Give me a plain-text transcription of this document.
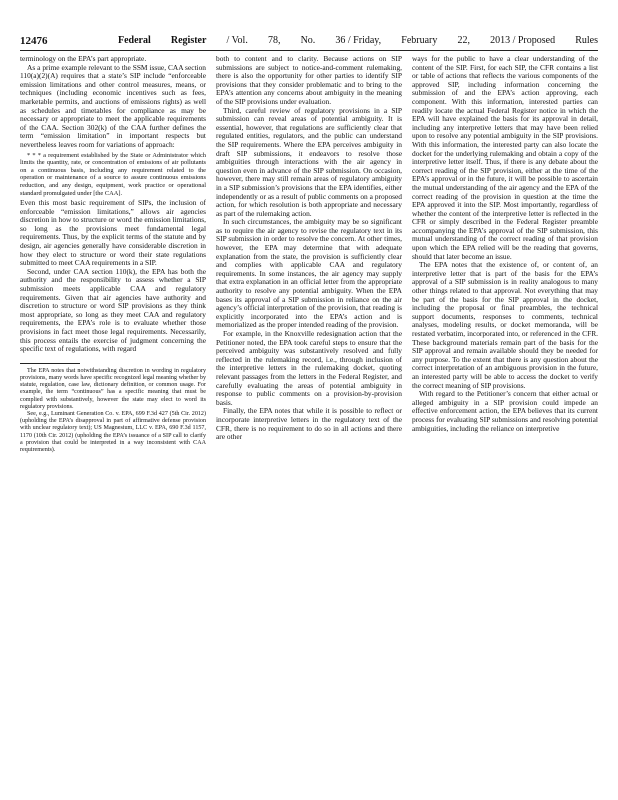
12476	Federal Register / Vol. 78, No. 36 / Friday, February 22, 2013 / Proposed Rules

terminology on the EPA’s part appropriate.

As a prime example relevant to the SSM issue, CAA section 110(a)(2)(A) requires that a state’s SIP include “enforceable emission limitations and other control measures, means, or techniques (including economic incentives such as fees, marketable permits, and auctions of emissions rights) as well as schedules and timetables for compliance as may be necessary or appropriate to meet the applicable requirements of the CAA. Section 302(k) of the CAA further defines the term “emission limitation” in important respects but nevertheless leaves room for variations of approach:

* * * a requirement established by the State or Administrator which limits the quantity, rate, or concentration of emissions of air pollutants on a continuous basis, including any requirement related to the operation or maintenance of a source to assure continuous emissions reduction, and any design, equipment, work practice or operational standard promulgated under [the CAA].

Even this most basic requirement of SIPs, the inclusion of enforceable “emission limitations,” allows air agencies discretion in how to structure or word the emission limitations, so long as the provisions meet fundamental legal requirements. Thus, by the explicit terms of the statute and by design, air agencies generally have considerable discretion in how they elect to structure or word their state regulations submitted to meet CAA requirements in a SIP.

Second, under CAA section 110(k), the EPA has both the authority and the responsibility to assess whether a SIP submission meets applicable CAA and regulatory requirements. Given that air agencies have authority and discretion to structure or word SIP provisions as they think most appropriate, so long as they meet CAA and regulatory requirements, the EPA’s role is to evaluate whether those provisions in fact meet those legal requirements. Necessarily, this process entails the exercise of judgment concerning the specific text of regulations, with regard

The EPA notes that notwithstanding discretion in wording in regulatory provisions, many words have specific recognized legal meaning whether by statute, regulation, case law, dictionary definition, or common usage. For example, the term “continuous” has a specific meaning that must be complied with substantively, however the state may elect to word its regulatory provisions.

See, e.g., Luminant Generation Co. v. EPA, 699 F.3d 427 (5th Cir. 2012) (upholding the EPA’s disapproval in part of affirmative defense provision with unclear regulatory text); US Magnesium, LLC v. EPA, 690 F.3d 1157, 1170 (10th Cir. 2012) (upholding the EPA’s issuance of a SIP call to clarify a provision that could be interpreted in a way inconsistent with CAA requirements).

both to content and to clarity. Because actions on SIP submissions are subject to notice-and-comment rulemaking, there is also the opportunity for other parties to identify SIP provisions that they consider problematic and to bring to the EPA’s attention any concerns about ambiguity in the meaning of the SIP provisions under evaluation.

Third, careful review of regulatory provisions in a SIP submission can reveal areas of potential ambiguity. It is essential, however, that regulations are sufficiently clear that regulated entities, regulators, and the public can understand the SIP requirements. Where the EPA perceives ambiguity in draft SIP submissions, it endeavors to resolve those ambiguities through interactions with the air agency in question even in advance of the SIP submission. On occasion, however, there may still remain areas of regulatory ambiguity in a SIP submission’s provisions that the EPA identifies, either independently or as a result of public comments on a proposed action, for which resolution is both appropriate and necessary as part of the rulemaking action.

In such circumstances, the ambiguity may be so significant as to require the air agency to revise the regulatory text in its SIP submission in order to resolve the concern. At other times, however, the EPA may determine that with adequate explanation from the state, the provision is sufficiently clear and complies with applicable CAA and regulatory requirements. In some instances, the air agency may supply that extra explanation in an official letter from the appropriate authority to resolve any potential ambiguity. When the EPA bases its approval of a SIP submission in reliance on the air agency’s official interpretation of the provision, that reading is explicitly incorporated into the EPA’s action and is memorialized as the proper intended reading of the provision.

For example, in the Knoxville redesignation action that the Petitioner noted, the EPA took careful steps to ensure that the perceived ambiguity was substantively resolved and fully reflected in the rulemaking record, i.e., through inclusion of the interpretive letters in the rulemaking docket, quoting relevant passages from the letters in the Federal Register, and carefully evaluating the areas of potential ambiguity in response to public comments on a provision-by-provision basis.

Finally, the EPA notes that while it is possible to reflect or incorporate interpretive letters in the regulatory text of the CFR, there is no requirement to do so in all actions and there are other

ways for the public to have a clear understanding of the content of the SIP. First, for each SIP, the CFR contains a list or table of actions that reflects the various components of the approved SIP, including information concerning the submission of and the EPA’s action approving, each component. With this information, interested parties can readily locate the actual Federal Register notice in which the EPA will have explained the basis for its approval in detail, including any interpretive letters that may have been relied upon to resolve any potential ambiguity in the SIP provisions. With this information, the interested party can also locate the docket for the underlying rulemaking and obtain a copy of the interpretive letter itself. Thus, if there is any debate about the correct reading of the SIP provision, either at the time of the EPA’s approval or in the future, it will be possible to ascertain the mutual understanding of the air agency and the EPA of the correct reading of the provision in question at the time the EPA approved it into the SIP. Most importantly, regardless of whether the content of the interpretive letter is reflected in the CFR or simply described in the Federal Register preamble accompanying the EPA’s approval of the SIP submission, this mutual understanding of the correct reading of that provision upon which the EPA relied will be the reading that governs, should that later become an issue.

The EPA notes that the existence of, or content of, an interpretive letter that is part of the basis for the EPA’s approval of a SIP submission is in reality analogous to many other things related to that approval. Not everything that may be part of the basis for the SIP approval in the docket, including the proposal or final preambles, the technical support documents, responses to comments, technical analyses, modeling results, or docket memoranda, will be restated verbatim, incorporated into, or referenced in the CFR. These background materials remain part of the basis for the SIP approval and remain available should they be needed for any purpose. To the extent that there is any question about the correct interpretation of an ambiguous provision in the future, an interested party will be able to access the docket to verify the correct meaning of SIP provisions.

With regard to the Petitioner’s concern that either actual or alleged ambiguity in a SIP provision could impede an effective enforcement action, the EPA believes that its current process for evaluating SIP submissions and resolving potential ambiguities, including the reliance on interpretive
